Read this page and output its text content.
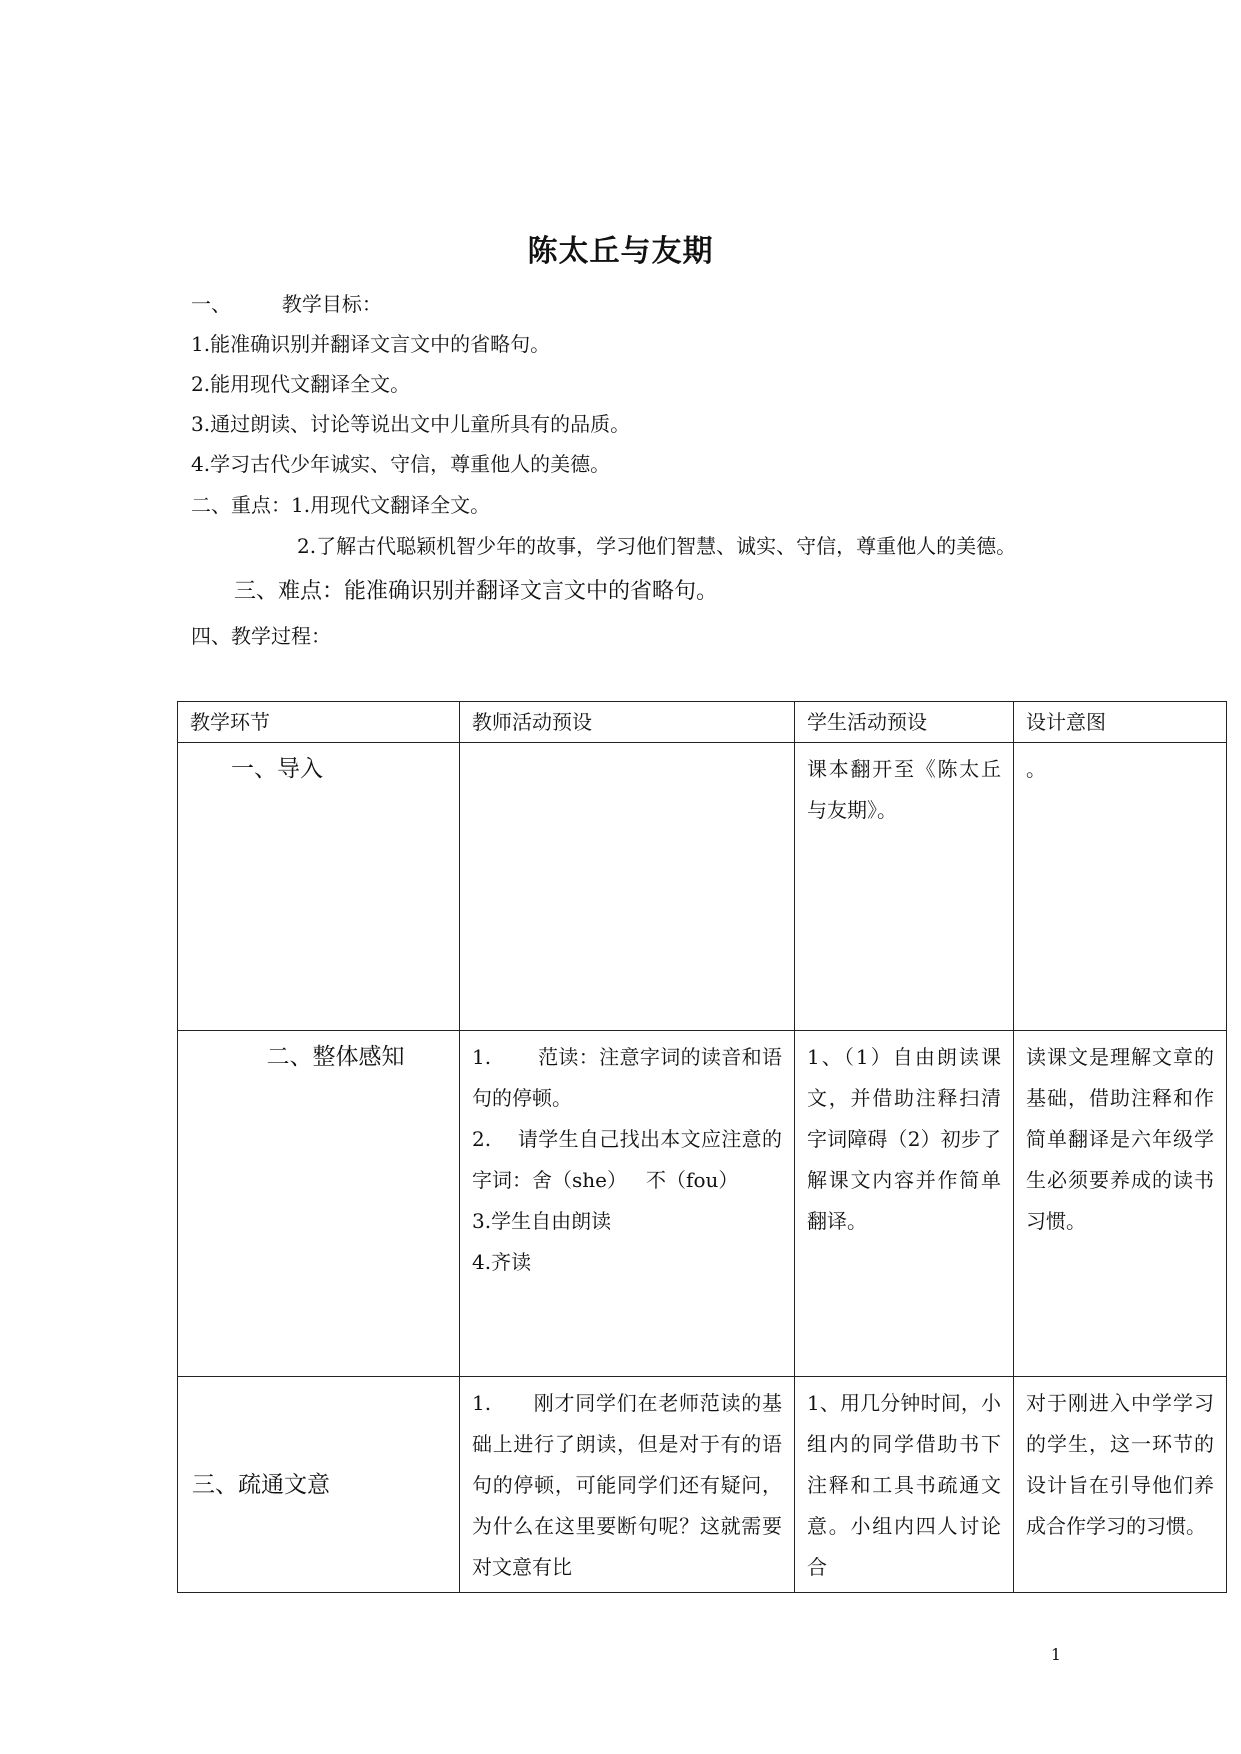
陈太丘与友期
一、        教学目标：
1.能准确识别并翻译文言文中的省略句。
2.能用现代文翻译全文。
3.通过朗读、讨论等说出文中儿童所具有的品质。
4.学习古代少年诚实、守信，尊重他人的美德。
二、重点：1.用现代文翻译全文。
2.了解古代聪颖机智少年的故事，学习他们智慧、诚实、守信，尊重他人的美德。
三、难点：能准确识别并翻译文言文中的省略句。
四、教学过程：
教学环节	教师活动预设	学生活动预设	设计意图
一、导入		课本翻开至《陈太丘与友期》。	。

二、整体感知	1.       范读：注意字词的读音和语句的停顿。
2.    请学生自己找出本文应注意的字词：舍（she）   不（fou）
3.学生自由朗读
4.齐读	1、（1）自由朗读课文，并借助注释扫清字词障碍（2）初步了解课文内容并作简单翻译。	读课文是理解文章的基础，借助注释和作简单翻译是六年级学生必须要养成的读书习惯。
三、疏通文意	1.      刚才同学们在老师范读的基础上进行了朗读，但是对于有的语句的停顿，可能同学们还有疑问，为什么在这里要断句呢？这就需要对文意有比	1、用几分钟时间，小组内的同学借助书下注释和工具书疏通文意。小组内四人讨论合	对于刚进入中学学习的学生，这一环节的设计旨在引导他们养成合作学习的习惯。
1
